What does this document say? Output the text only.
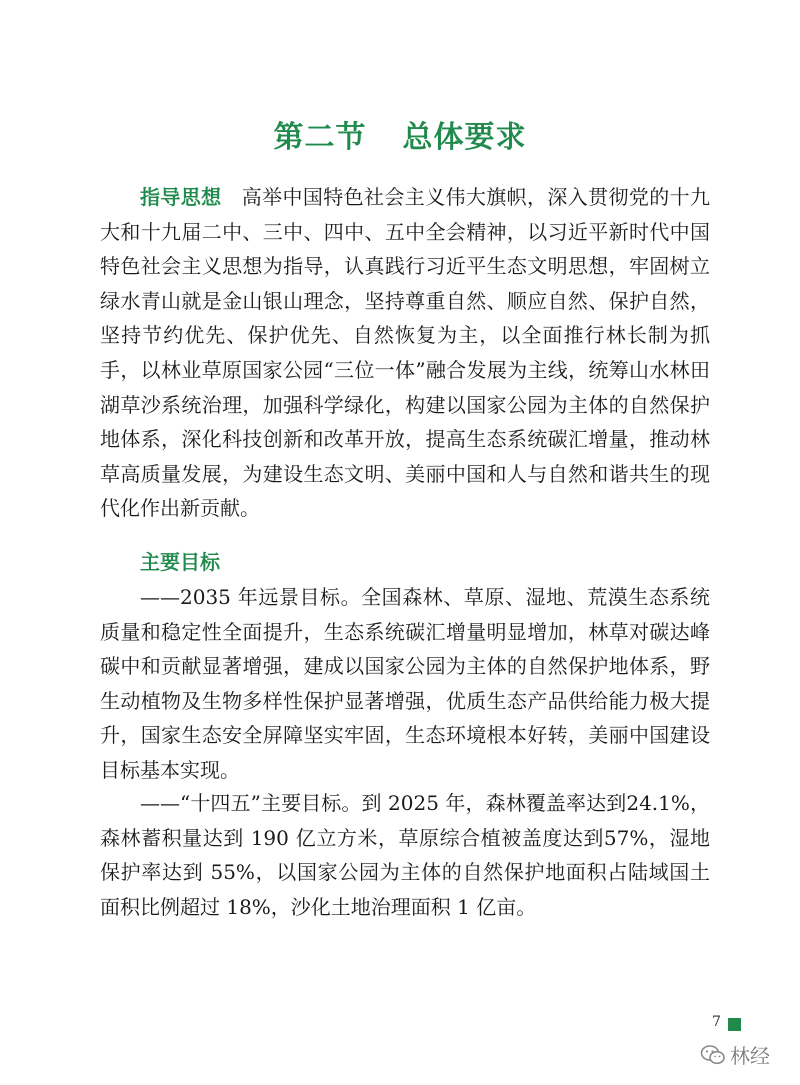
第二节 总体要求

指导思想 高举中国特色社会主义伟大旗帜，深入贯彻党的十九大和十九届二中、三中、四中、五中全会精神，以习近平新时代中国特色社会主义思想为指导，认真践行习近平生态文明思想，牢固树立绿水青山就是金山银山理念，坚持尊重自然、顺应自然、保护自然，坚持节约优先、保护优先、自然恢复为主，以全面推行林长制为抓手，以林业草原国家公园“三位一体”融合发展为主线，统筹山水林田湖草沙系统治理，加强科学绿化，构建以国家公园为主体的自然保护地体系，深化科技创新和改革开放，提高生态系统碳汇增量，推动林草高质量发展，为建设生态文明、美丽中国和人与自然和谐共生的现代化作出新贡献。

主要目标

——2035 年远景目标。全国森林、草原、湿地、荒漠生态系统质量和稳定性全面提升，生态系统碳汇增量明显增加，林草对碳达峰碳中和贡献显著增强，建成以国家公园为主体的自然保护地体系，野生动植物及生物多样性保护显著增强，优质生态产品供给能力极大提升，国家生态安全屏障坚实牢固，生态环境根本好转，美丽中国建设目标基本实现。

——“十四五”主要目标。到 2025 年，森林覆盖率达到24.1%，森林蓄积量达到 190 亿立方米，草原综合植被盖度达到57%，湿地保护率达到 55%，以国家公园为主体的自然保护地面积占陆域国土面积比例超过 18%，沙化土地治理面积 1 亿亩。

7
林经
